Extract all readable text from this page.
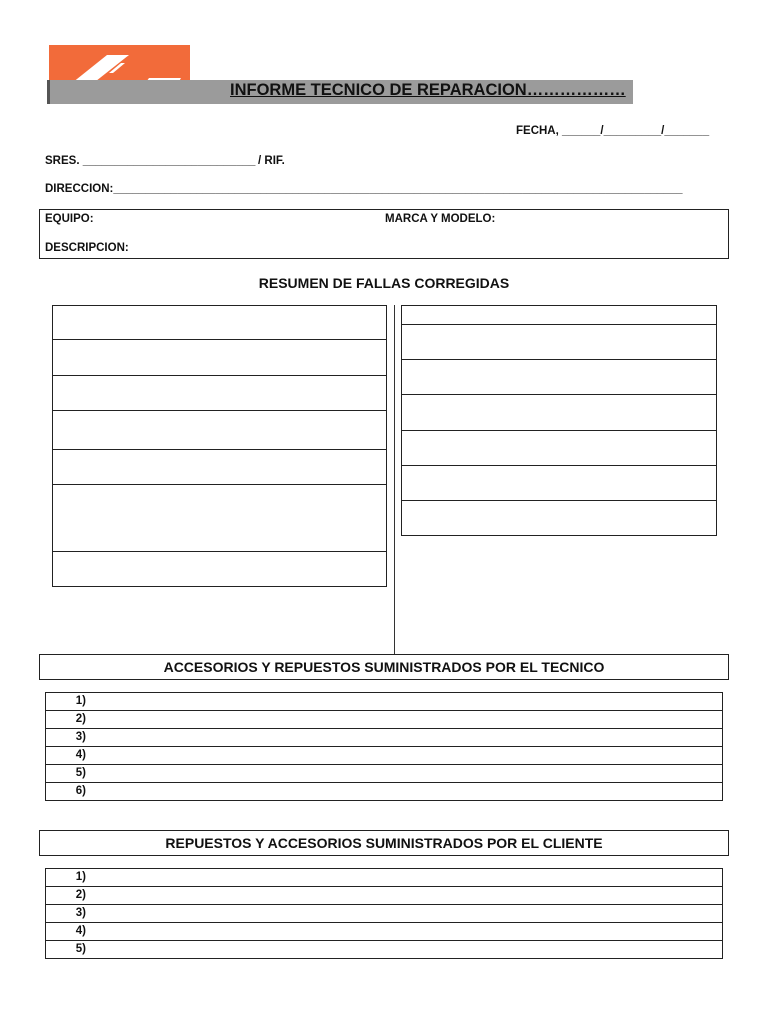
INFORME TECNICO DE REPARACION………………
FECHA, ______/_________/_______
SRES. ___________________________ / RIF.
DIRECCION:_________________________________________________________________________________________
EQUIPO:	MARCA Y MODELO:
DESCRIPCION:
RESUMEN DE FALLAS CORREGIDAS
ACCESORIOS Y REPUESTOS SUMINISTRADOS POR EL TECNICO
1)
2)
3)
4)
5)
6)
REPUESTOS Y ACCESORIOS SUMINISTRADOS POR EL CLIENTE
1)
2)
3)
4)
5)
